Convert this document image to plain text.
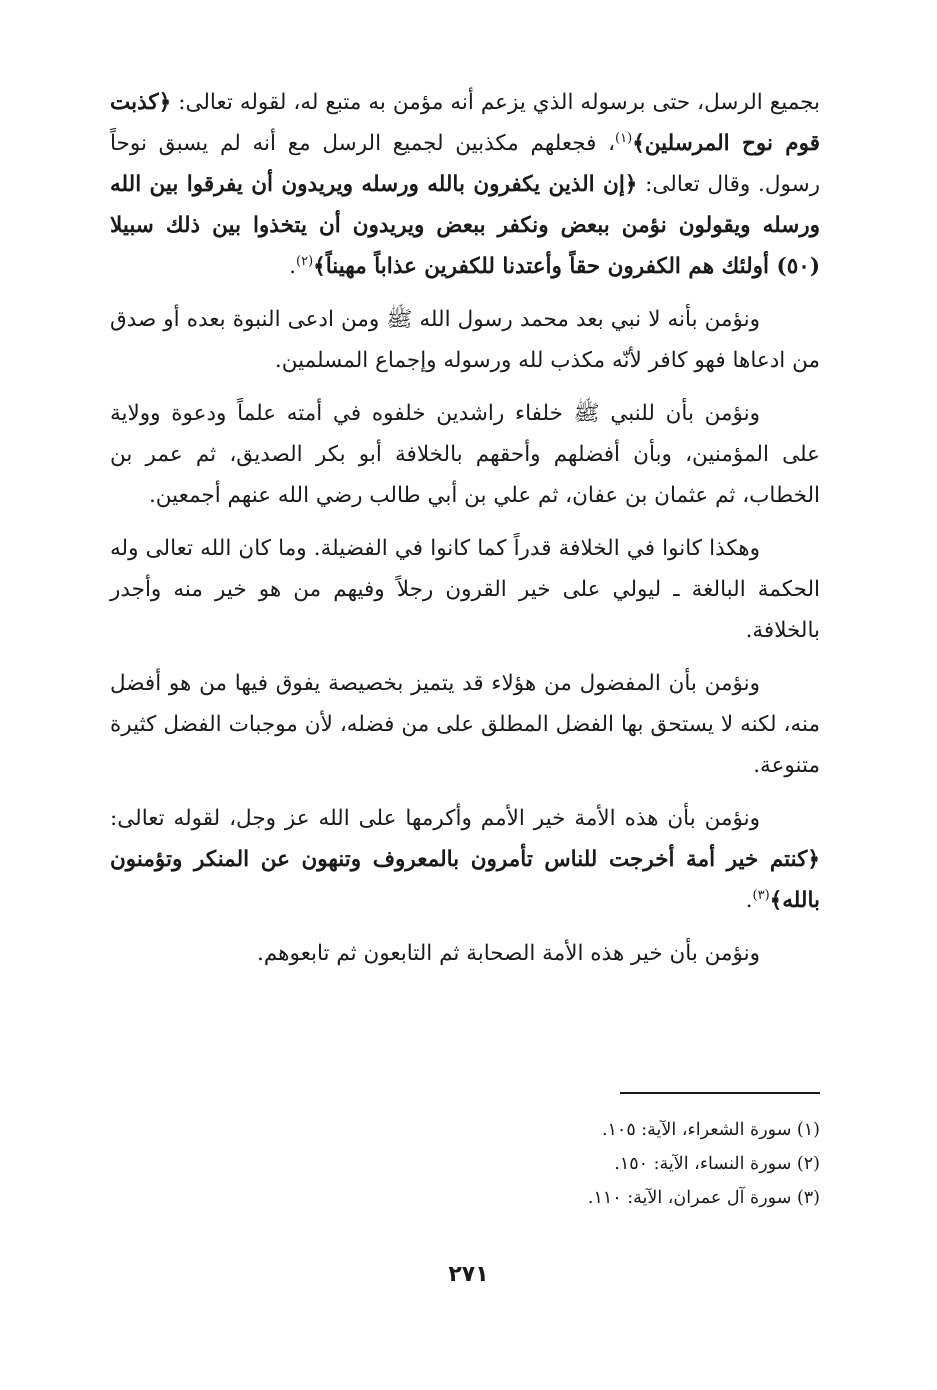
بجميع الرسل، حتى برسوله الذي يزعم أنه مؤمن به متبع له، لقوله تعالى: ﴿كذبت قوم نوح المرسلين﴾$^{(١)}$، فجعلهم مكذبين لجميع الرسل مع أنه لم يسبق نوحاً رسول. وقال تعالى: ﴿إن الذين يكفرون بالله ورسله ويريدون أن يفرقوا بين الله ورسله ويقولون نؤمن ببعض ونكفر ببعض ويريدون أن يتخذوا بين ذلك سبيلا (٥٠) أولئك هم الكفرون حقاً وأعتدنا للكفرين عذاباً مهيناً﴾$^{(٢)}$.

ونؤمن بأنه لا نبي بعد محمد رسول الله ﷺ ومن ادعى النبوة بعده أو صدق من ادعاها فهو كافر لأنّه مكذب لله ورسوله وإجماع المسلمين.

ونؤمن بأن للنبي ﷺ خلفاء راشدين خلفوه في أمته علماً ودعوة وولاية على المؤمنين، وبأن أفضلهم وأحقهم بالخلافة أبو بكر الصديق، ثم عمر بن الخطاب، ثم عثمان بن عفان، ثم علي بن أبي طالب رضي الله عنهم أجمعين.

وهكذا كانوا في الخلافة قدراً كما كانوا في الفضيلة. وما كان الله تعالى وله الحكمة البالغة ـ ليولي على خير القرون رجلاً وفيهم من هو خير منه وأجدر بالخلافة.

ونؤمن بأن المفضول من هؤلاء قد يتميز بخصيصة يفوق فيها من هو أفضل منه، لكنه لا يستحق بها الفضل المطلق على من فضله، لأن موجبات الفضل كثيرة متنوعة.

ونؤمن بأن هذه الأمة خير الأمم وأكرمها على الله عز وجل، لقوله تعالى: ﴿كنتم خير أمة أخرجت للناس تأمرون بالمعروف وتنهون عن المنكر وتؤمنون بالله﴾$^{(٣)}$.

ونؤمن بأن خير هذه الأمة الصحابة ثم التابعون ثم تابعوهم.

(١) سورة الشعراء، الآية: ١٠٥.
(٢) سورة النساء، الآية: ١٥٠.
(٣) سورة آل عمران، الآية: ١١٠.
٢٧١
